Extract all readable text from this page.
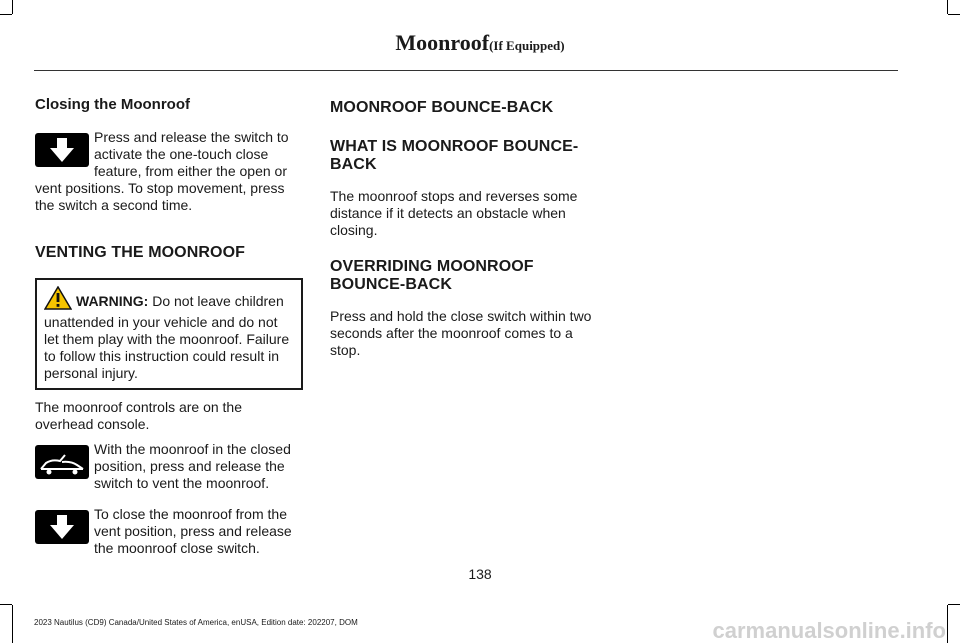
Moonroof(If Equipped)
Closing the Moonroof

Press and release the switch to activate the one-touch close feature, from either the open or vent positions. To stop movement, press the switch a second time.

VENTING THE MOONROOF
WARNING: Do not leave children unattended in your vehicle and do not let them play with the moonroof. Failure to follow this instruction could result in personal injury.

The moonroof controls are on the overhead console.

With the moonroof in the closed position, press and release the switch to vent the moonroof.

To close the moonroof from the vent position, press and release the moonroof close switch.

MOONROOF BOUNCE-BACK
WHAT IS MOONROOF BOUNCE-BACK

The moonroof stops and reverses some distance if it detects an obstacle when closing.

OVERRIDING MOONROOF BOUNCE-BACK

Press and hold the close switch within two seconds after the moonroof comes to a stop.

138
2023 Nautilus (CD9) Canada/United States of America, enUSA, Edition date: 202207, DOM	carmanualsonline.info
